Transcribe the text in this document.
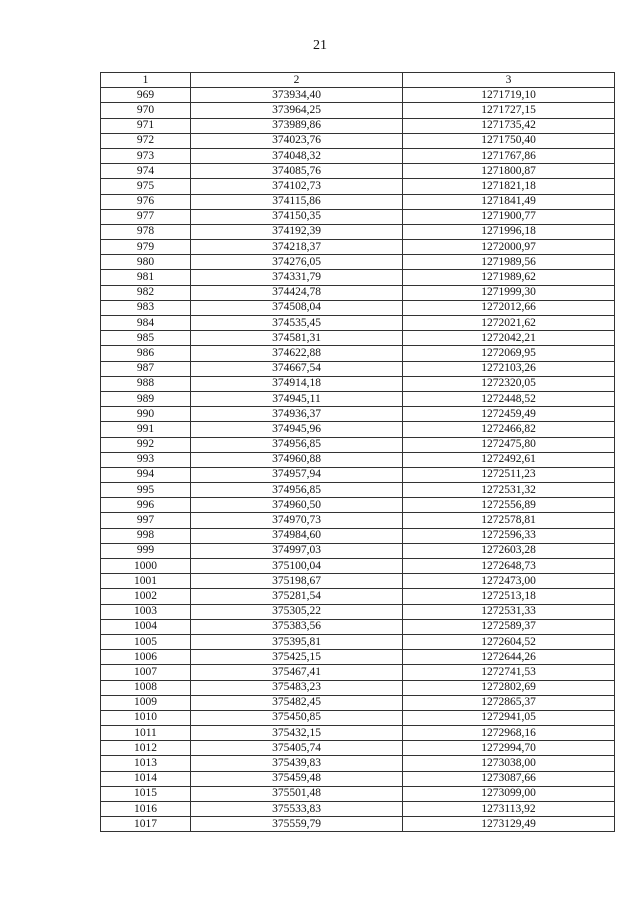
21
1	2	3
969	373934,40	1271719,10
970	373964,25	1271727,15
971	373989,86	1271735,42
972	374023,76	1271750,40
973	374048,32	1271767,86
974	374085,76	1271800,87
975	374102,73	1271821,18
976	374115,86	1271841,49
977	374150,35	1271900,77
978	374192,39	1271996,18
979	374218,37	1272000,97
980	374276,05	1271989,56
981	374331,79	1271989,62
982	374424,78	1271999,30
983	374508,04	1272012,66
984	374535,45	1272021,62
985	374581,31	1272042,21
986	374622,88	1272069,95
987	374667,54	1272103,26
988	374914,18	1272320,05
989	374945,11	1272448,52
990	374936,37	1272459,49
991	374945,96	1272466,82
992	374956,85	1272475,80
993	374960,88	1272492,61
994	374957,94	1272511,23
995	374956,85	1272531,32
996	374960,50	1272556,89
997	374970,73	1272578,81
998	374984,60	1272596,33
999	374997,03	1272603,28
1000	375100,04	1272648,73
1001	375198,67	1272473,00
1002	375281,54	1272513,18
1003	375305,22	1272531,33
1004	375383,56	1272589,37
1005	375395,81	1272604,52
1006	375425,15	1272644,26
1007	375467,41	1272741,53
1008	375483,23	1272802,69
1009	375482,45	1272865,37
1010	375450,85	1272941,05
1011	375432,15	1272968,16
1012	375405,74	1272994,70
1013	375439,83	1273038,00
1014	375459,48	1273087,66
1015	375501,48	1273099,00
1016	375533,83	1273113,92
1017	375559,79	1273129,49
